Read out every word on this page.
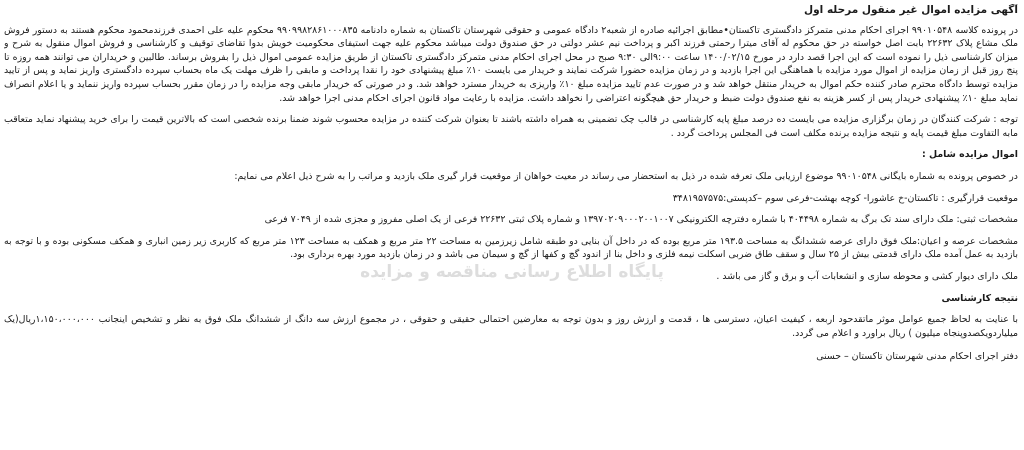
آگهی مزایده اموال غیر منقول مرحله اول

در پرونده کلاسه ۹۹۰۱۰۵۴۸ اجرای احکام مدنی متمرکز دادگستری تاکستان•مطابق اجرائیه صادره از شعبه۲ دادگاه عمومی و حقوقی شهرستان تاکستان به شماره دادنامه ۹۹۰۹۹۸۲۸۶۱۰۰۰۸۳۵ محکوم علیه علی احمدی فرزندمحمود محکوم هستند به دستور فروش ملک مشاع پلاک ۲۲۶۳۲ بابت اصل خواسته در حق محکوم له آقای میترا رحمتی فرزند اکبر و پرداخت نیم عشر دولتی در حق صندوق دولت میباشد محکوم علیه جهت استیفای محکومیت خویش بدوا تقاضای توقیف و کارشناسی و فروش اموال منقول به شرح و میزان کارشناسی ذیل را نموده است که این اجرا قصد دارد در مورخ ۱۴۰۰/۰۲/۱۵ ساعت ۹:۰۰الی ۹:۳۰ صبح در محل اجرای احکام مدنی متمرکز دادگستری تاکستان از طریق مزایده عمومی اموال ذیل را بفروش برساند. طالبین و خریداران می توانند همه روزه تا پنج روز قبل از زمان مزایده از اموال مورد مزایده با هماهنگی این اجرا بازدید و در زمان مزایده حضورا شرکت نمایند و خریدار می بایست ۱۰٪ مبلغ پیشنهادی خود را نقدا پرداخت و مابقی را ظرف مهلت یک ماه بحساب سپرده دادگستری واریز نماید و پس از تایید مزایده توسط دادگاه محترم صادر کننده حکم اموال به خریدار منتقل خواهد شد و در صورت عدم تایید مزایده مبلغ ۱۰٪ واریزی به خریدار مسترد خواهد شد. و در صورتی که خریدار مابقی وجه مزایده را در زمان مقرر بحساب سپرده واریز ننماید و یا اعلام انصراف نماید مبلغ ۱۰٪ پیشنهادی خریدار پس از کسر هزینه به نفع صندوق دولت ضبط و خریدار حق هیچگونه اعتراضی را نخواهد داشت. مزایده با رعایت مواد قانون اجرای احکام مدنی اجرا خواهد شد.

توجه : شرکت کنندگان در زمان برگزاری مزایده می بایست ده درصد مبلغ پایه کارشناسی در قالب چک تضمینی به همراه داشته باشند تا بعنوان شرکت کننده در مزایده محسوب شوند ضمنا برنده شخصی است که بالاترین قیمت را برای خرید پیشنهاد نماید متعاقب مابه التفاوت مبلغ قیمت پایه و نتیجه مزایده برنده مکلف است فی المجلس پرداخت گردد .

اموال مزایده شامل :

در خصوص پرونده به شماره بایگانی ۹۹۰۱۰۵۴۸ موضوع ارزیابی ملک تعرفه شده در ذیل به استحضار می رساند در معیت خواهان از موقعیت قرار گیری ملک بازدید و مراتب را به شرح ذیل اعلام می نمایم:

موقعیت قرارگیری : تاکستان-خ عاشورا- کوچه بهشت-فرعی سوم –کدپستی:۳۴۸۱۹۵۷۵۷۵

مشخصات ثبتی: ملک دارای سند تک برگ به شماره ۴۰۴۴۹۸ با شماره دفترچه الکترونیکی ۱۳۹۷۰۲۰۹۰۰۰۲۰۰۱۰۰۷ و شماره پلاک ثبتی ۲۲۶۳۲ فرعی از یک اصلی مفروز و مجزی شده از ۷۰۴۹ فرعی

مشخصات عرصه و اعیان:ملک فوق دارای عرصه ششدانگ به مساحت ۱۹۳.۵ متر مربع بوده که در داخل آن بنایی دو طبقه شامل زیرزمین به مساحت ۲۲ متر مربع و همکف به مساحت ۱۲۳ متر مربع که کاربری زیر زمین انباری و همکف مسکونی بوده و با توجه به بازدید به عمل آمده ملک دارای قدمتی بیش از ۲۵ سال و سقف طاق ضربی اسکلت نیمه فلزی و داخل بنا از اندود گچ و کفها از گچ و سیمان می باشد و در زمان بازدید مورد بهره برداری بود.

ملک دارای دیوار کشی و محوطه سازی و انشعابات آب و برق و گاز می باشد .

نتیجه کارشناسی

با عنایت به لحاظ جمیع عوامل موثر ماتقدحود اربعه ، کیفیت اعیان، دسترسی ها ، قدمت و ارزش روز و بدون توجه به معارضین احتمالی حقیقی و حقوقی ، در مجموع ارزش سه دانگ از ششدانگ ملک فوق به نظر و تشخیص اینجانب ۱،۱۵۰،۰۰۰،۰۰۰ریال(یک میلیاردویکصدوپنجاه میلیون ) ریال براورد و اعلام می گردد.

دفتر اجرای احکام مدنی شهرستان تاکستان – حسنی

پایگاه اطلاع رسانی مناقصه و مزایده
